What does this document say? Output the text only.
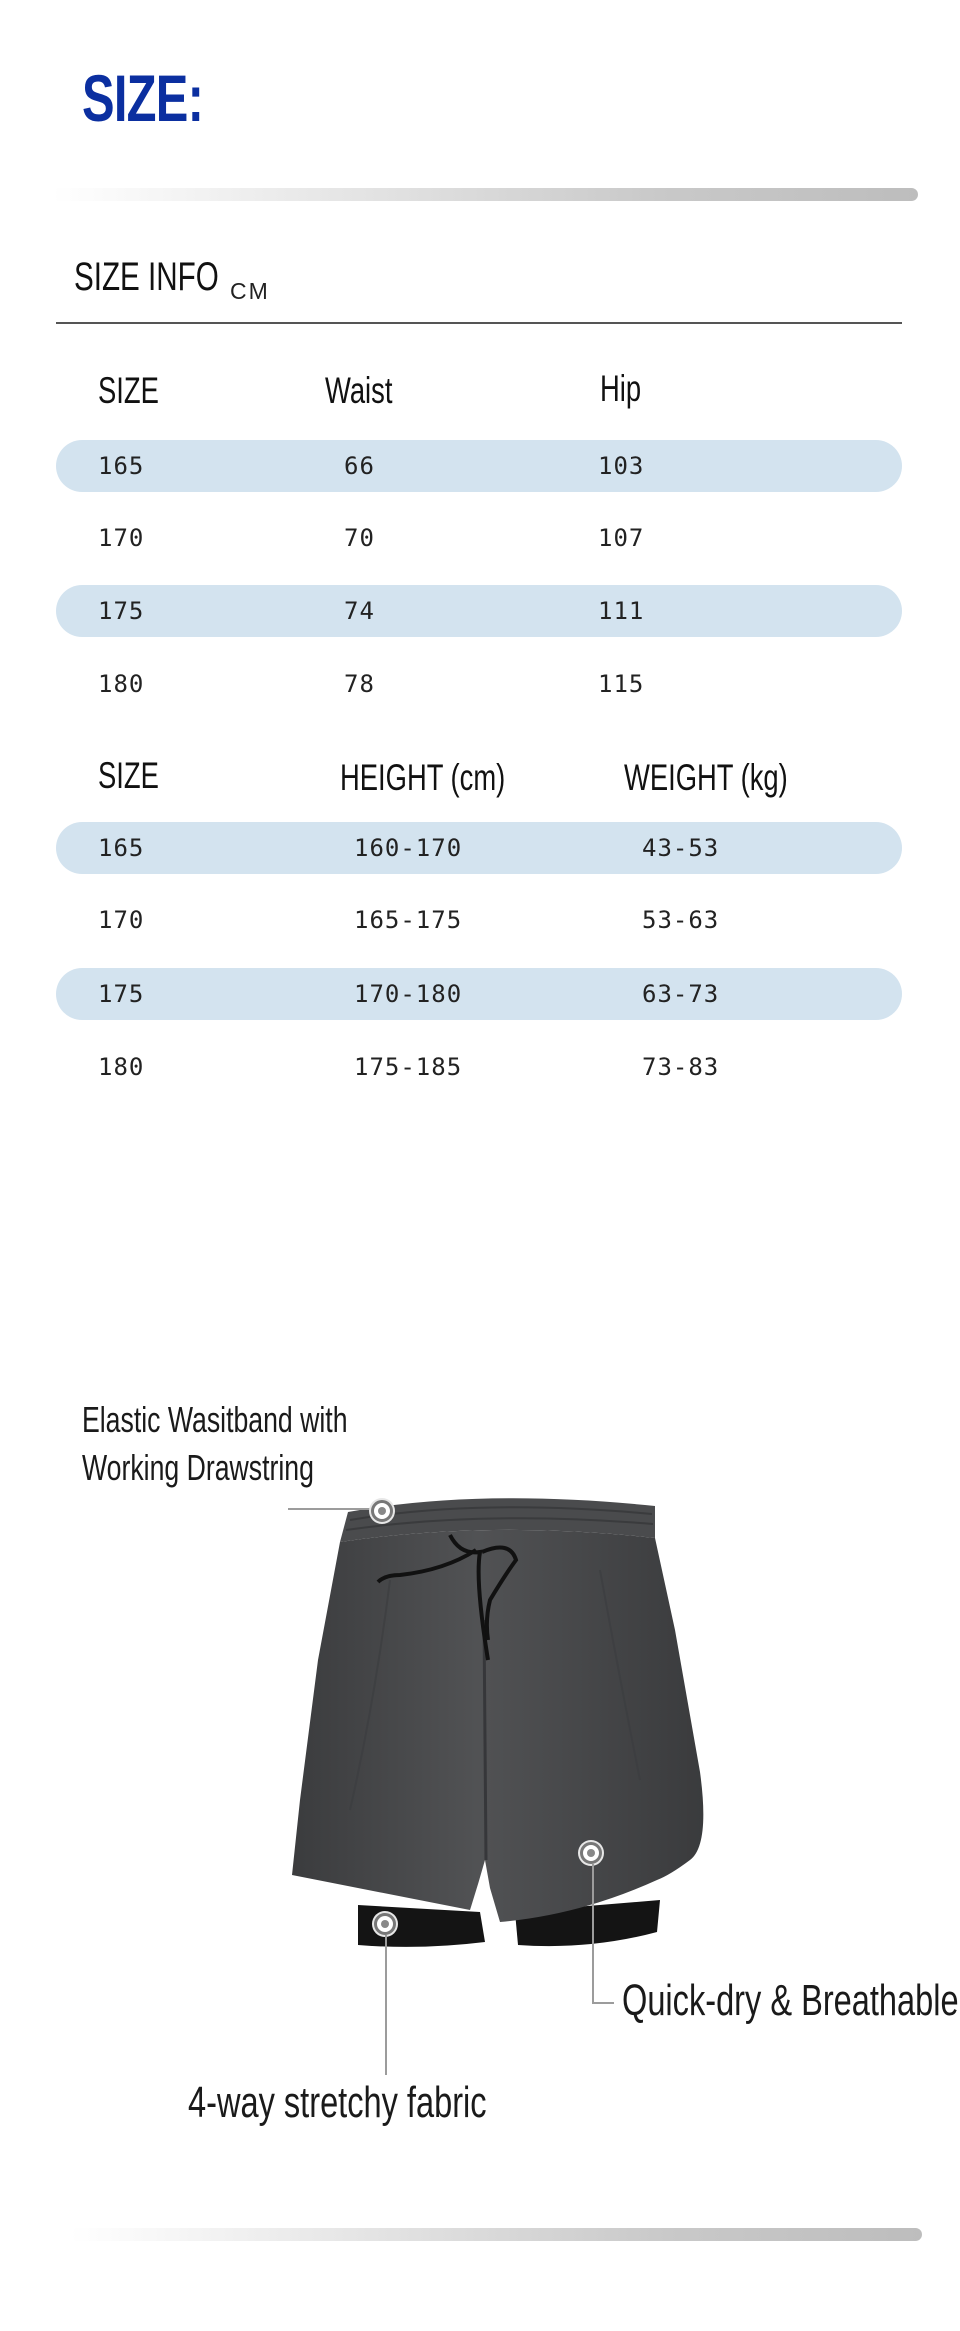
SIZE:
SIZE INFO CM
SIZE	Waist	Hip
165	66	103
170	70	107
175	74	111
180	78	115
SIZE	HEIGHT (cm)	WEIGHT (kg)
165	160-170	43-53
170	165-175	53-63
175	170-180	63-73
180	175-185	73-83
Elastic Wasitband with
Working Drawstring
Quick-dry & Breathable
4-way stretchy fabric
